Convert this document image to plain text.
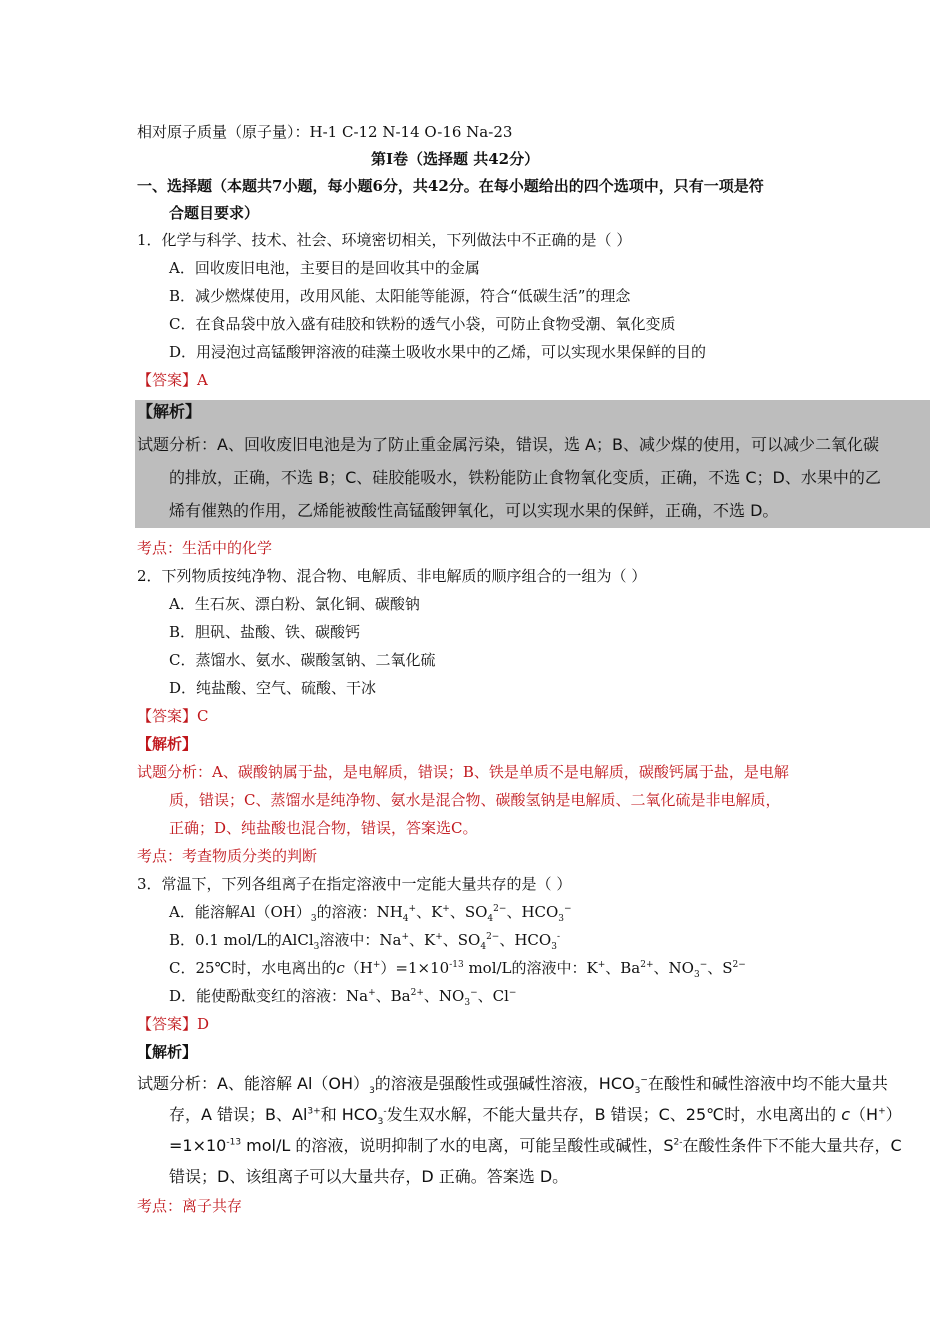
相对原子质量（原子量）：H-1 C-12 N-14 O-16 Na-23
第Ⅰ卷（选择题 共42分）
一、选择题（本题共7小题，每小题6分，共42分。在每小题给出的四个选项中，只有一项是符
合题目要求）
1．化学与科学、技术、社会、环境密切相关，下列做法中不正确的是（ ）
A．回收废旧电池，主要目的是回收其中的金属
B．减少燃煤使用，改用风能、太阳能等能源，符合“低碳生活”的理念
C．在食品袋中放入盛有硅胶和铁粉的透气小袋，可防止食物受潮、氧化变质
D．用浸泡过高锰酸钾溶液的硅藻土吸收水果中的乙烯，可以实现水果保鲜的目的
【答案】A
【解析】
试题分析：A、回收废旧电池是为了防止重金属污染，错误，选 A；B、减少煤的使用，可以减少二氧化碳
的排放，正确，不选 B；C、硅胶能吸水，铁粉能防止食物氧化变质，正确，不选 C；D、水果中的乙
烯有催熟的作用，乙烯能被酸性高锰酸钾氧化，可以实现水果的保鲜，正确，不选 D。
考点：生活中的化学
2．下列物质按纯净物、混合物、电解质、非电解质的顺序组合的一组为（ ）
A．生石灰、漂白粉、氯化铜、碳酸钠
B．胆矾、盐酸、铁、碳酸钙
C．蒸馏水、氨水、碳酸氢钠、二氧化硫
D．纯盐酸、空气、硫酸、干冰
【答案】C
【解析】
试题分析：A、碳酸钠属于盐，是电解质，错误；B、铁是单质不是电解质，碳酸钙属于盐，是电解
质，错误；C、蒸馏水是纯净物、氨水是混合物、碳酸氢钠是电解质、二氧化硫是非电解质，
正确；D、纯盐酸也混合物，错误，答案选C。
考点：考查物质分类的判断
3．常温下，下列各组离子在指定溶液中一定能大量共存的是（ ）
A．能溶解$Al(OH)_3$的溶液：$NH_4^+$、K+、$SO_4^{2-}$、$HCO_3^-$
B．0.1 mol/L的AlCl$_3$溶液中：Na+、K+、$SO_4^{2-}$、$HCO_3^-$
C．25℃时，水电离出的$c(H^+)=1\times 10^{-13}$ mol/L的溶液中：K+、$Ba^{2+}$、$NO_3^-$、$S^{2-}$
D．能使酚酞变红的溶液：Na+、$Ba^{2+}$、$NO_3^-$、Cl−
【答案】D
【解析】
试题分析：A、能溶解 $Al(OH)_3$的溶液是强酸性或强碱性溶液，$HCO_3^-$在酸性和碱性溶液中均不能大量共
存，A 错误；B、$Al^{3+}$和 $HCO_3^-$发生双水解，不能大量共存，B 错误；C、25℃时，水电离出的 c（H+）
$=1\times 10^{-13}$ mol/L 的溶液，说明抑制了水的电离，可能呈酸性或碱性，$S^{2-}$在酸性条件下不能大量共存，C
错误；D、该组离子可以大量共存，D 正确。答案选 D。
考点：离子共存
